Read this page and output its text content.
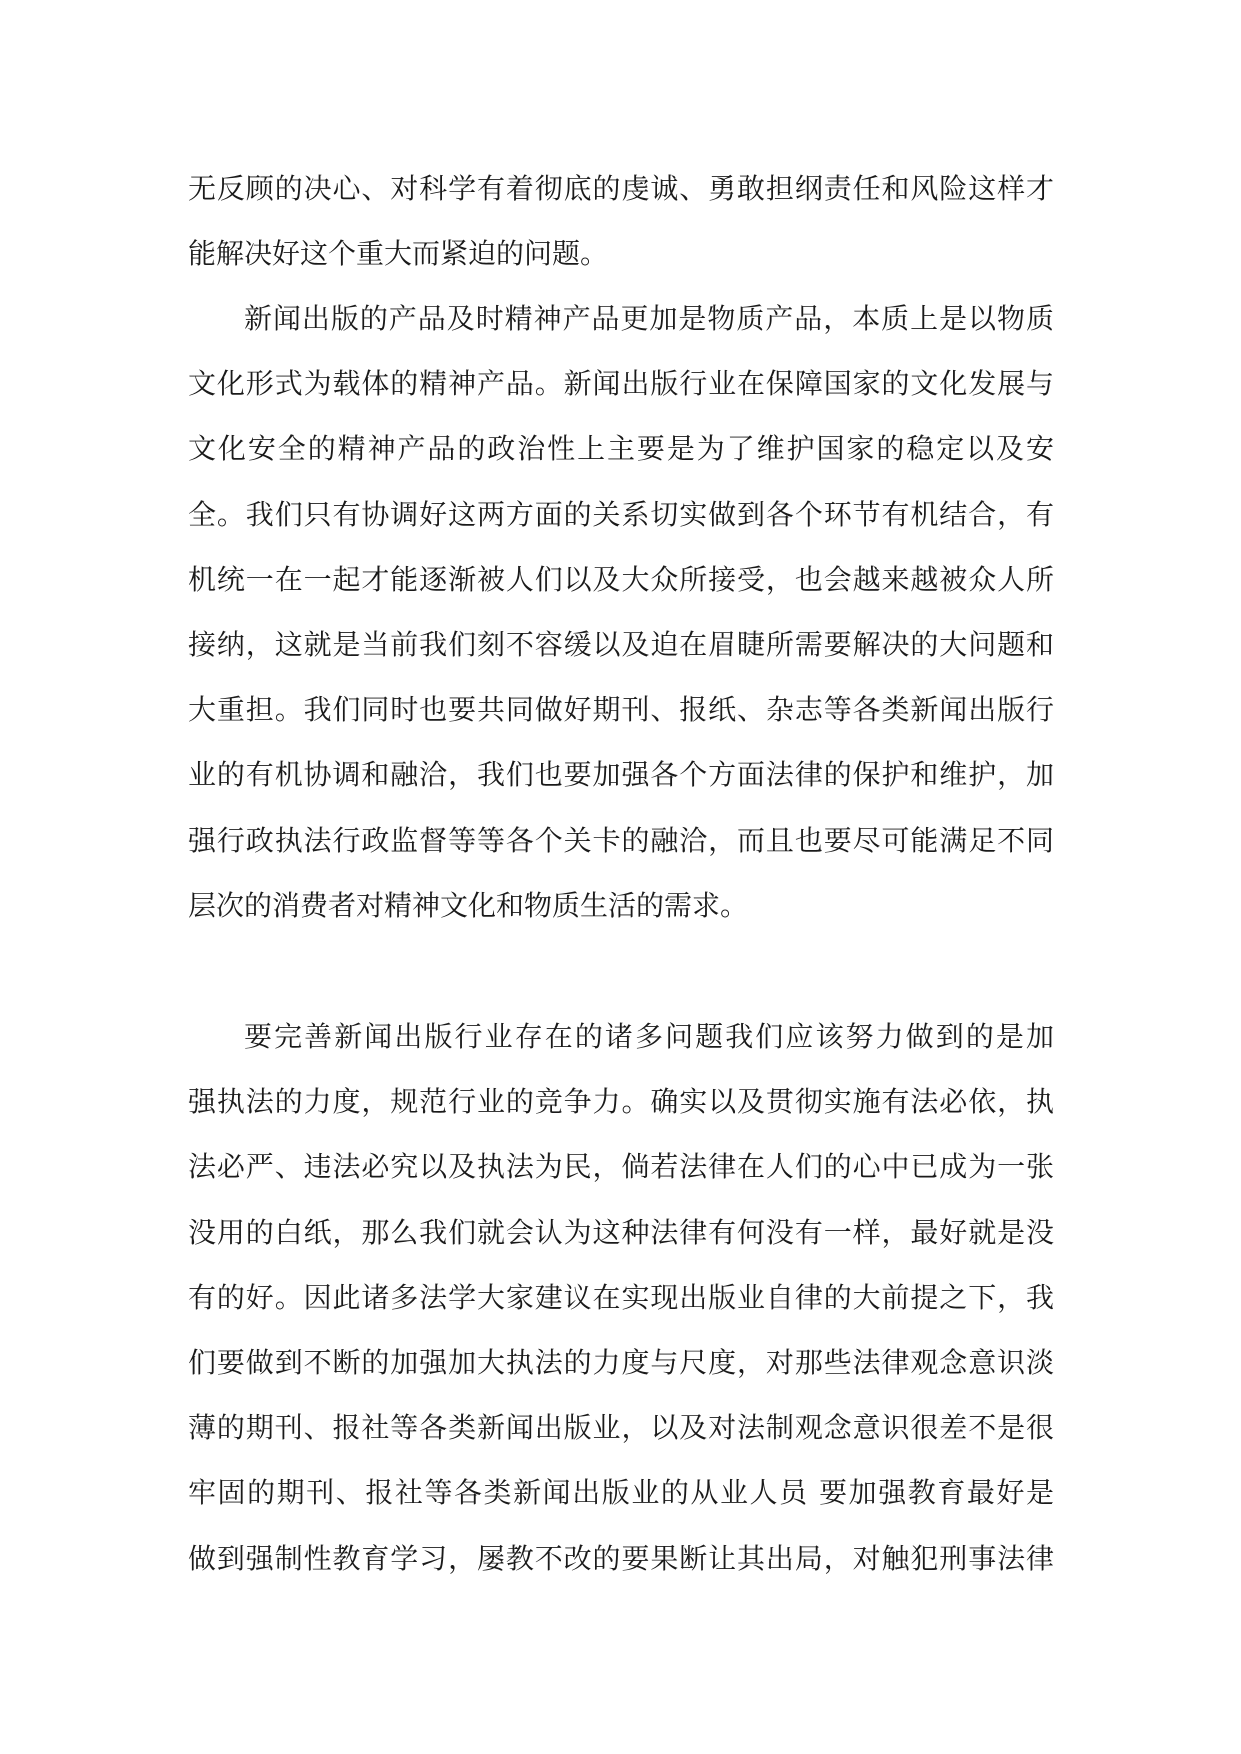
无反顾的决心、对科学有着彻底的虔诚、勇敢担纲责任和风险这样才
能解决好这个重大而紧迫的问题。
新闻出版的产品及时精神产品更加是物质产品，本质上是以物质
文化形式为载体的精神产品。新闻出版行业在保障国家的文化发展与
文化安全的精神产品的政治性上主要是为了维护国家的稳定以及安
全。我们只有协调好这两方面的关系切实做到各个环节有机结合，有
机统一在一起才能逐渐被人们以及大众所接受，也会越来越被众人所
接纳，这就是当前我们刻不容缓以及迫在眉睫所需要解决的大问题和
大重担。我们同时也要共同做好期刊、报纸、杂志等各类新闻出版行
业的有机协调和融洽，我们也要加强各个方面法律的保护和维护，加
强行政执法行政监督等等各个关卡的融洽，而且也要尽可能满足不同
层次的消费者对精神文化和物质生活的需求。
要完善新闻出版行业存在的诸多问题我们应该努力做到的是加
强执法的力度，规范行业的竞争力。确实以及贯彻实施有法必依，执
法必严、违法必究以及执法为民，倘若法律在人们的心中已成为一张
没用的白纸，那么我们就会认为这种法律有何没有一样，最好就是没
有的好。因此诸多法学大家建议在实现出版业自律的大前提之下，我
们要做到不断的加强加大执法的力度与尺度，对那些法律观念意识淡
薄的期刊、报社等各类新闻出版业，以及对法制观念意识很差不是很
牢固的期刊、报社等各类新闻出版业的从业人员 要加强教育最好是
做到强制性教育学习，屡教不改的要果断让其出局，对触犯刑事法律
